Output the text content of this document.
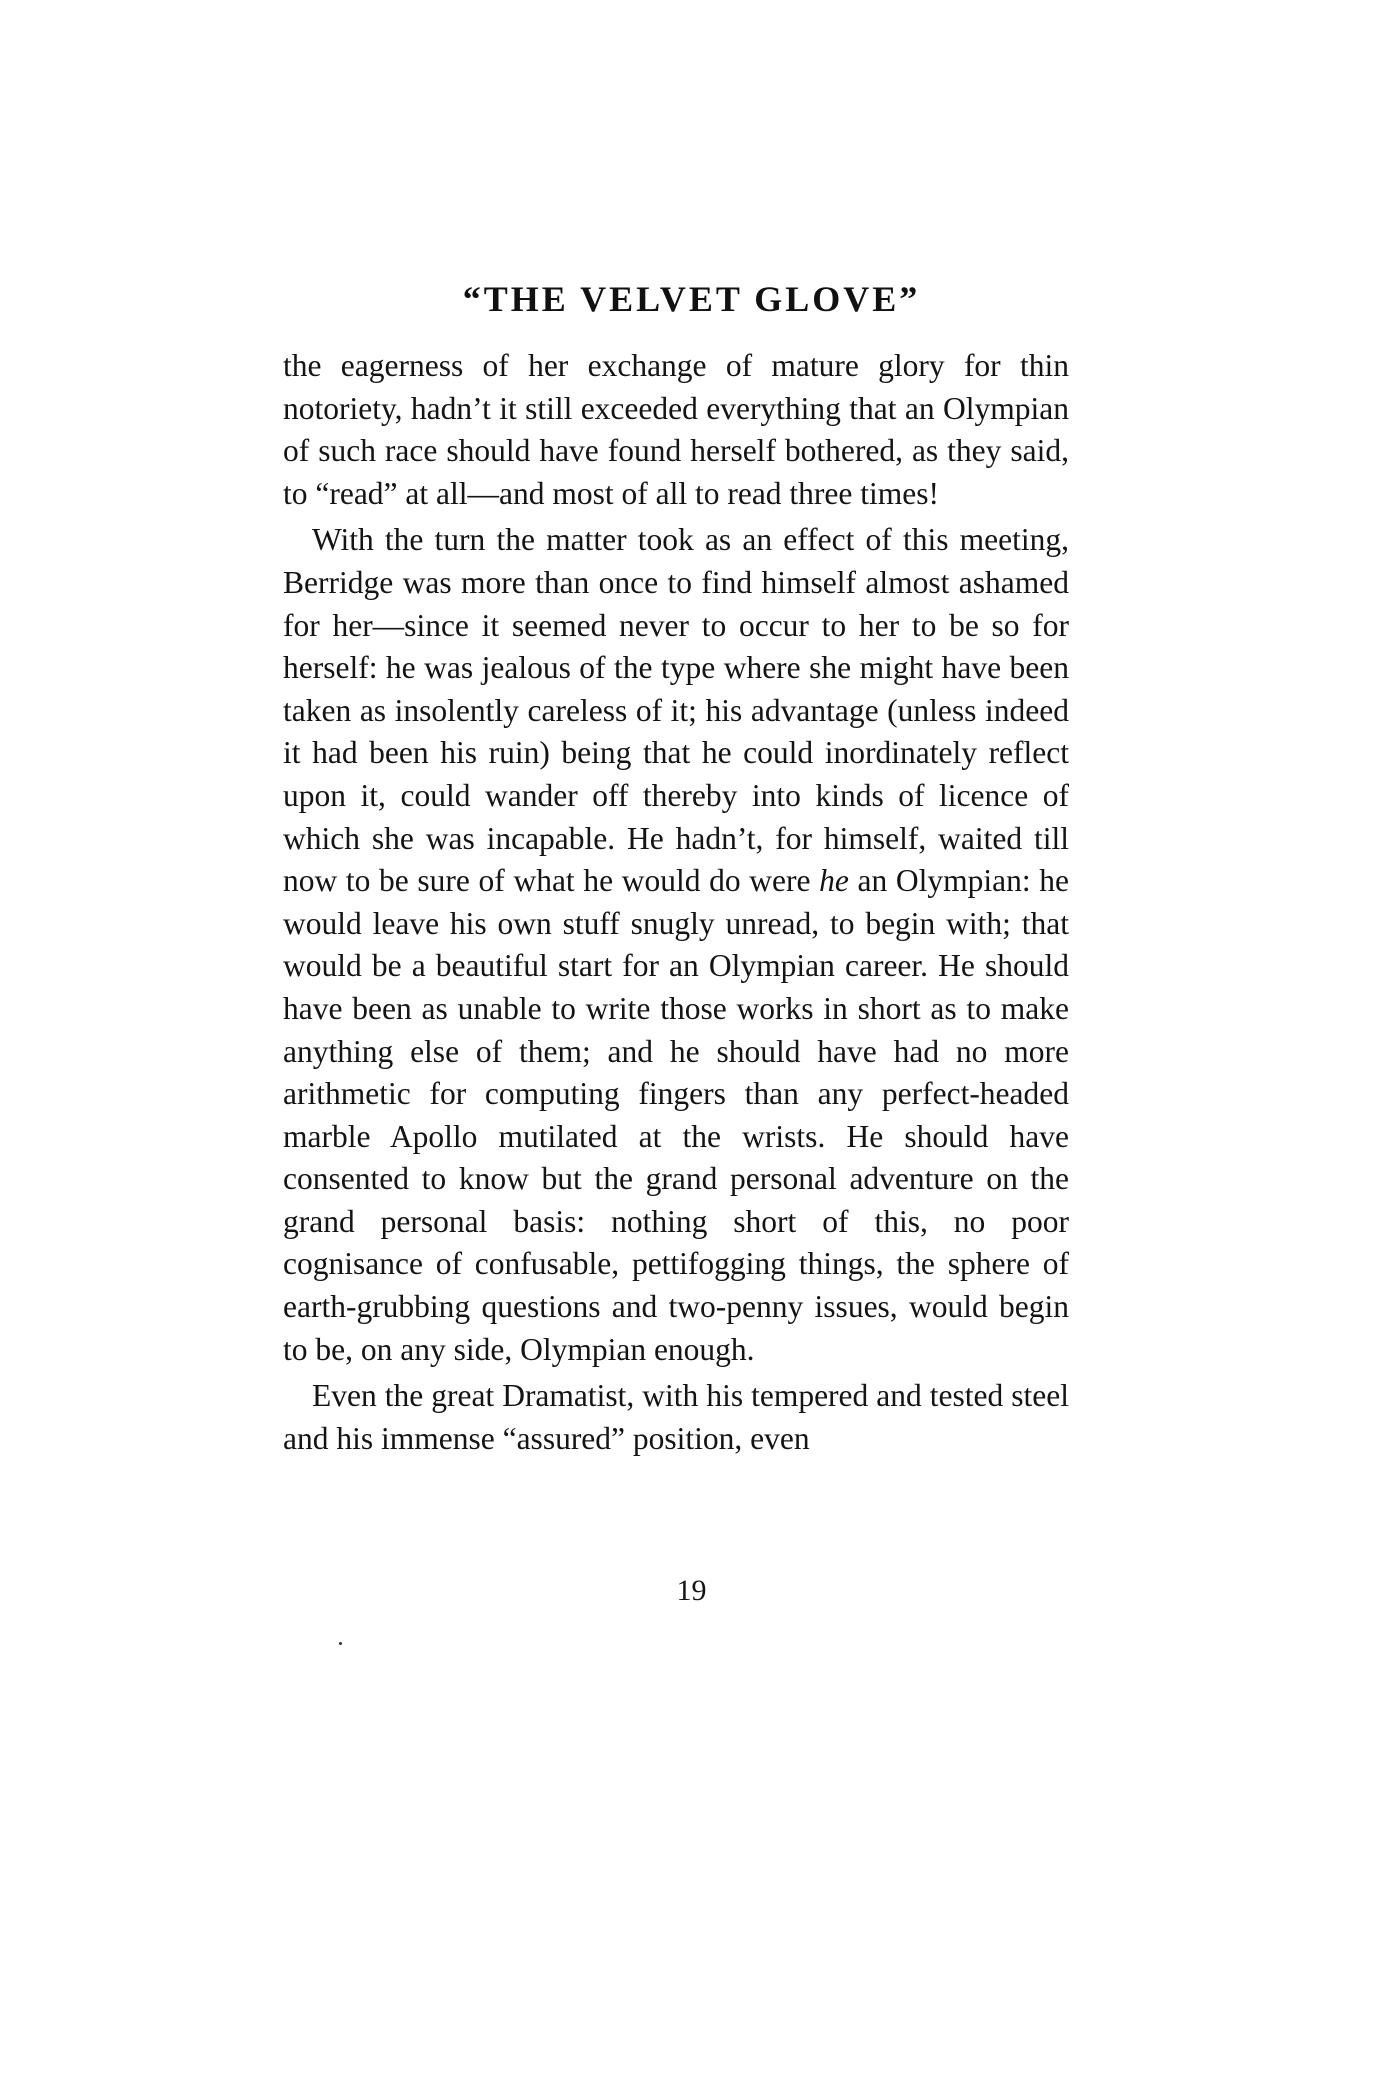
“THE VELVET GLOVE”

the eagerness of her exchange of mature glory for thin notoriety, hadn’t it still exceeded everything that an Olympian of such race should have found herself bothered, as they said, to “read” at all—and most of all to read three times!

With the turn the matter took as an effect of this meeting, Berridge was more than once to find himself almost ashamed for her—since it seemed never to occur to her to be so for herself: he was jealous of the type where she might have been taken as insolently careless of it; his advantage (unless indeed it had been his ruin) being that he could inordinately reflect upon it, could wander off thereby into kinds of licence of which she was incapable. He hadn’t, for himself, waited till now to be sure of what he would do were he an Olympian: he would leave his own stuff snugly unread, to begin with; that would be a beautiful start for an Olympian career. He should have been as unable to write those works in short as to make anything else of them; and he should have had no more arithmetic for computing fingers than any perfect-headed marble Apollo mutilated at the wrists. He should have consented to know but the grand personal adventure on the grand personal basis: nothing short of this, no poor cognisance of confusable, pettifogging things, the sphere of earth-grubbing questions and two-penny issues, would begin to be, on any side, Olympian enough.

Even the great Dramatist, with his tempered and tested steel and his immense “assured” position, even

19
